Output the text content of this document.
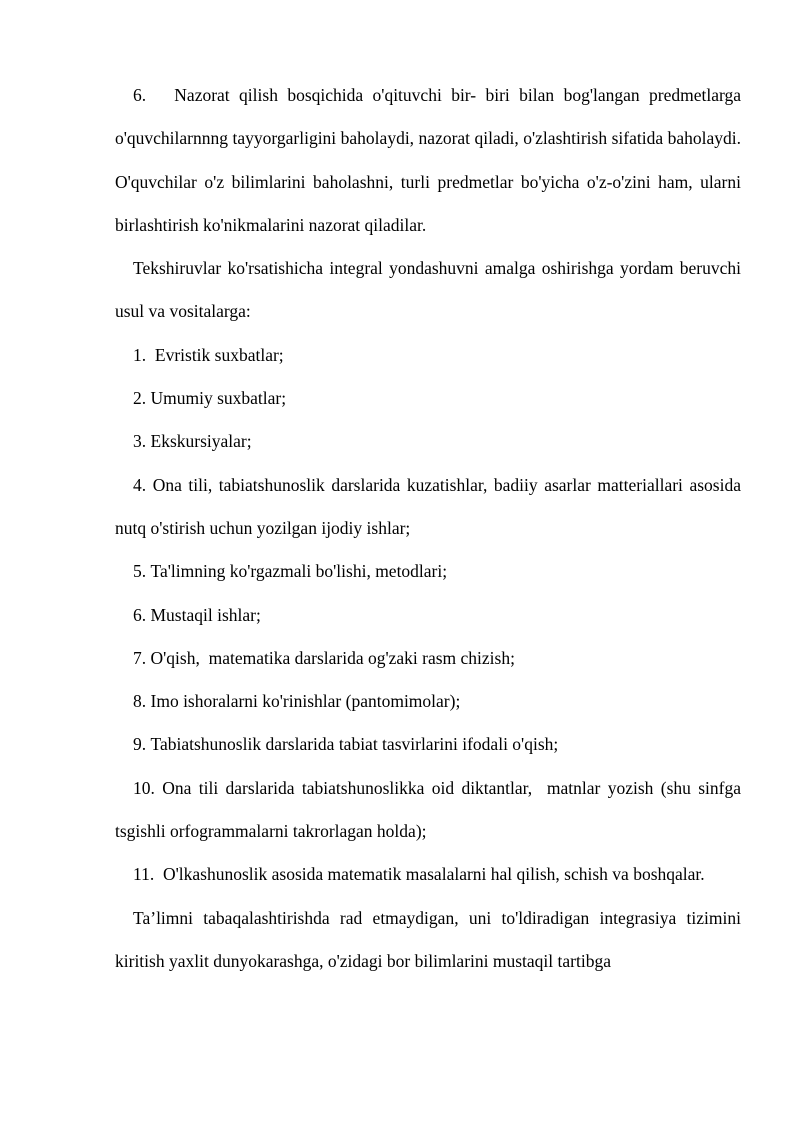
6.   Nazorat qilish bosqichida o'qituvchi bir- biri bilan bog'langan predmetlarga o'quvchilarnnng tayyorgarligini baholaydi, nazorat qiladi, o'zlashtirish sifatida baholaydi. O'quvchilar o'z bilimlarini baholashni, turli predmetlar bo'yicha o'z-o'zini ham, ularni birlashtirish ko'nikmalarini nazorat qiladilar.

Tekshiruvlar ko'rsatishicha integral yondashuvni amalga oshirishga yordam beruvchi usul va vositalarga:

1.  Evristik suxbatlar;

2. Umumiy suxbatlar;

3. Ekskursiyalar;

4. Ona tili, tabiatshunoslik darslarida kuzatishlar, badiiy asarlar matteriallari asosida nutq o'stirish uchun yozilgan ijodiy ishlar;

5. Ta'limning ko'rgazmali bo'lishi, metodlari;

6. Mustaqil ishlar;

7. O'qish,  matematika darslarida og'zaki rasm chizish;

8. Imo ishoralarni ko'rinishlar (pantomimolar);

9. Tabiatshunoslik darslarida tabiat tasvirlarini ifodali o'qish;

10. Ona tili darslarida tabiatshunoslikka oid diktantlar,  matnlar yozish (shu sinfga tsgishli orfogrammalarni takrorlagan holda);

11.  O'lkashunoslik asosida matematik masalalarni hal qilish, schish va boshqalar.

Ta’limni tabaqalashtirishda rad etmaydigan, uni to'ldiradigan integrasiya tizimini kiritish yaxlit dunyokarashga, o'zidagi bor bilimlarini mustaqil tartibga
